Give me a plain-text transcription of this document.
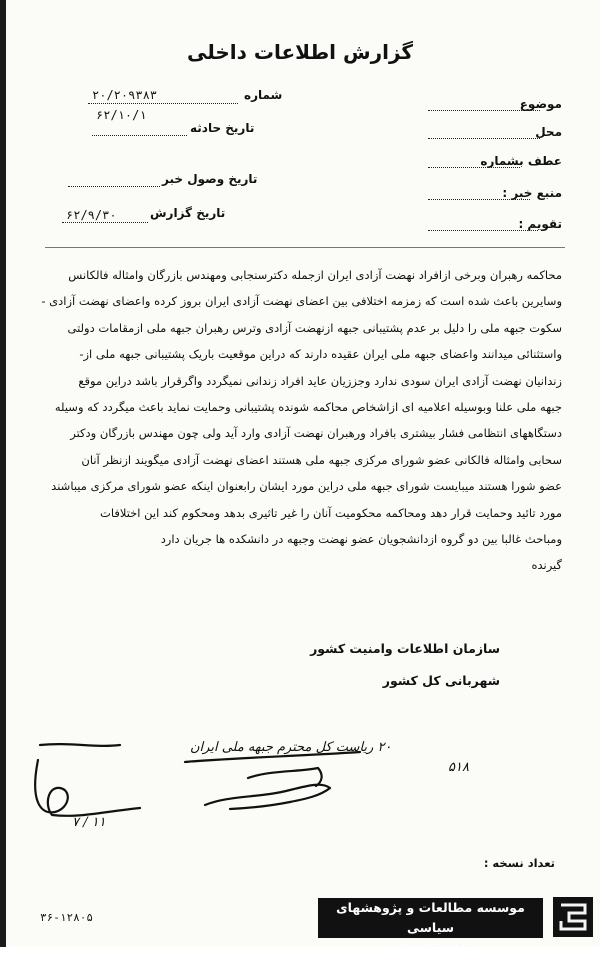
گزارش اطلاعات داخلی
موضوع
محل
عطف بشماره
منبع خبر :
تقويم :
شماره
۲۰/۲۰۹۳۸۳
تاريخ حادثه
۶۲/۱۰/۱
تاريخ وصول خبر
تاريخ گزارش
۶۲/۹/۳۰

محاکمه رهبران وبرخی ازافراد نهضت آزادی ایران ازجمله دکترسنجابی ومهندس بازرگان وامثاله فالکانس

وسایرین باعث شده است که زمزمه اختلافی بین اعضای نهضت آزادی ایران بروز کرده واعضای نهضت آزادی -

سکوت جبهه ملی را دلیل بر عدم پشتیبانی جبهه ازنهضت آزادی وترس رهبران جبهه ملی ازمقامات دولتی

واستثنائی میدانند واعضای جبهه ملی ایران عقیده دارند که دراین موقعیت باریک پشتیبانی جبهه ملی از-

زندانیان نهضت آزادی ایران سودی ندارد وجززیان عاید افراد زندانی نمیگردد واگرقرار باشد دراین موقع

جبهه ملی علنا وبوسیله اعلامیه ای ازاشخاص محاکمه شونده پشتیبانی وحمایت نماید باعث میگردد که وسیله

دستگاههای انتظامی فشار بیشتری بافراد ورهبران نهضت آزادی وارد آید ولی چون مهندس بازرگان ودکتر

سحابی وامثاله فالکانی عضو شورای مرکزی جبهه ملی هستند اعضای نهضت آزادی میگویند ازنظر آنان

عضو شورا هستند میبایست شورای جبهه ملی دراین مورد ایشان رابعنوان اینکه عضو شورای مرکزی میباشند

مورد تائید وحمایت قرار دهد ومحاکمه محکومیت آنان را غیر تاثیری بدهد ومحکوم کند این اختلافات

ومباحث غالبا بین دو گروه ازدانشجویان عضو نهضت وجبهه در دانشکده ها جریان دارد

گیرنده

سازمان اطلاعات وامنیت کشور
شهربانی کل کشور
۲۰ ریاست کل محترم جبهه ملی ایران
۵۱۸
۱۱ / ۷
تعداد نسخه :
۳۶-۱۲۸۰۵
موسسه مطالعات و پژوهشهای سیاسی
www.psri.ir
